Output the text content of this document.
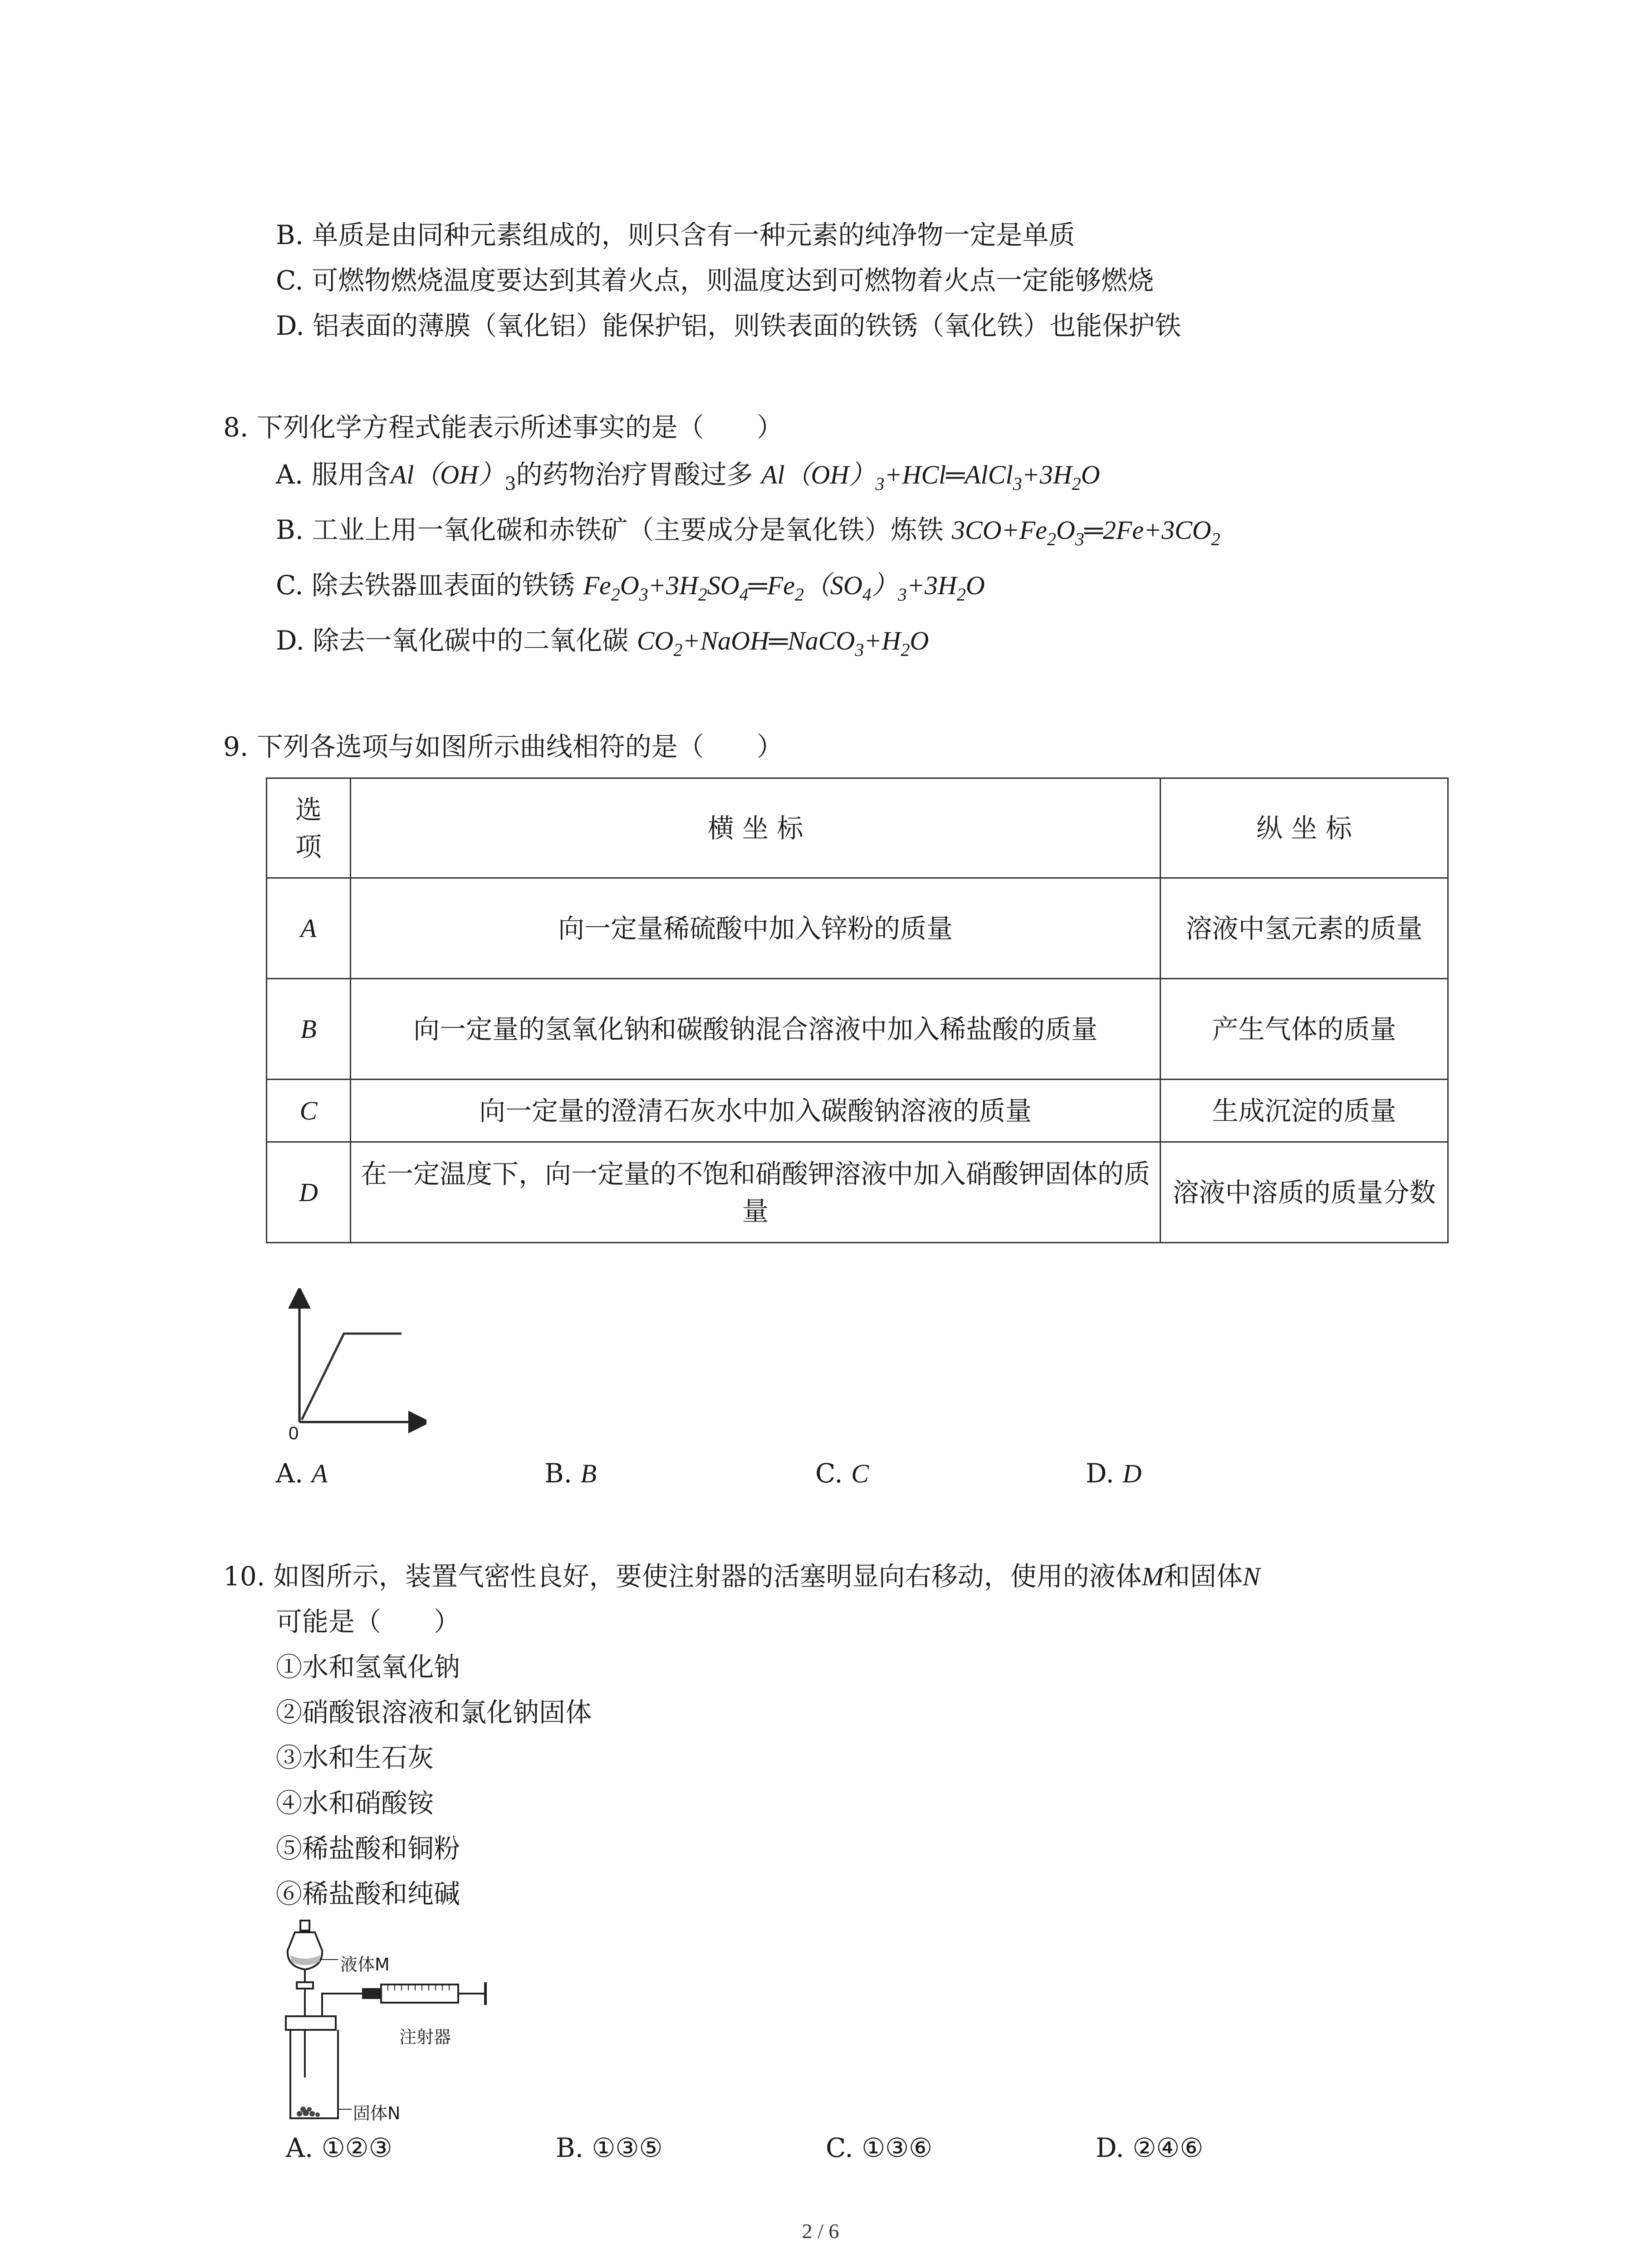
B. 单质是由同种元素组成的，则只含有一种元素的纯净物一定是单质
C. 可燃物燃烧温度要达到其着火点，则温度达到可燃物着火点一定能够燃烧
D. 铝表面的薄膜（氧化铝）能保护铝，则铁表面的铁锈（氧化铁）也能保护铁
8. 下列化学方程式能表示所述事实的是（　　）
A. 服用含$Al(OH)_3$的药物治疗胃酸过多 $Al(OH)_3+HCl═AlCl_3+3H_2O$
B. 工业上用一氧化碳和赤铁矿（主要成分是氧化铁）炼铁 $3CO+Fe_2O_3═2Fe+3CO_2$
C. 除去铁器皿表面的铁锈 $Fe_2O_3+3H_2SO_4═Fe_2(SO_4)_3+3H_2O$
D. 除去一氧化碳中的二氧化碳 $CO_2+NaOH═NaCO_3+H_2O$
9. 下列各选项与如图所示曲线相符的是（　　）
选项	横 坐 标	纵 坐 标
A	向一定量稀硫酸中加入锌粉的质量	溶液中氢元素的质量
B	向一定量的氢氧化钠和碳酸钠混合溶液中加入稀盐酸的质量	产生气体的质量
C	向一定量的澄清石灰水中加入碳酸钠溶液的质量	生成沉淀的质量
D	在一定温度下，向一定量的不饱和硝酸钾溶液中加入硝酸钾固体的质量	溶液中溶质的质量分数
0
A. A	B. B	C. C	D. D
10. 如图所示，装置气密性良好，要使注射器的活塞明显向右移动，使用的液体M和固体N
可能是（　　）
①水和氢氧化钠
②硝酸银溶液和氯化钠固体
③水和生石灰
④水和硝酸铵
⑤稀盐酸和铜粉
⑥稀盐酸和纯碱
液体M
注射器
固体N
A. ①②③	B. ①③⑤	C. ①③⑥	D. ②④⑥
2 / 6
